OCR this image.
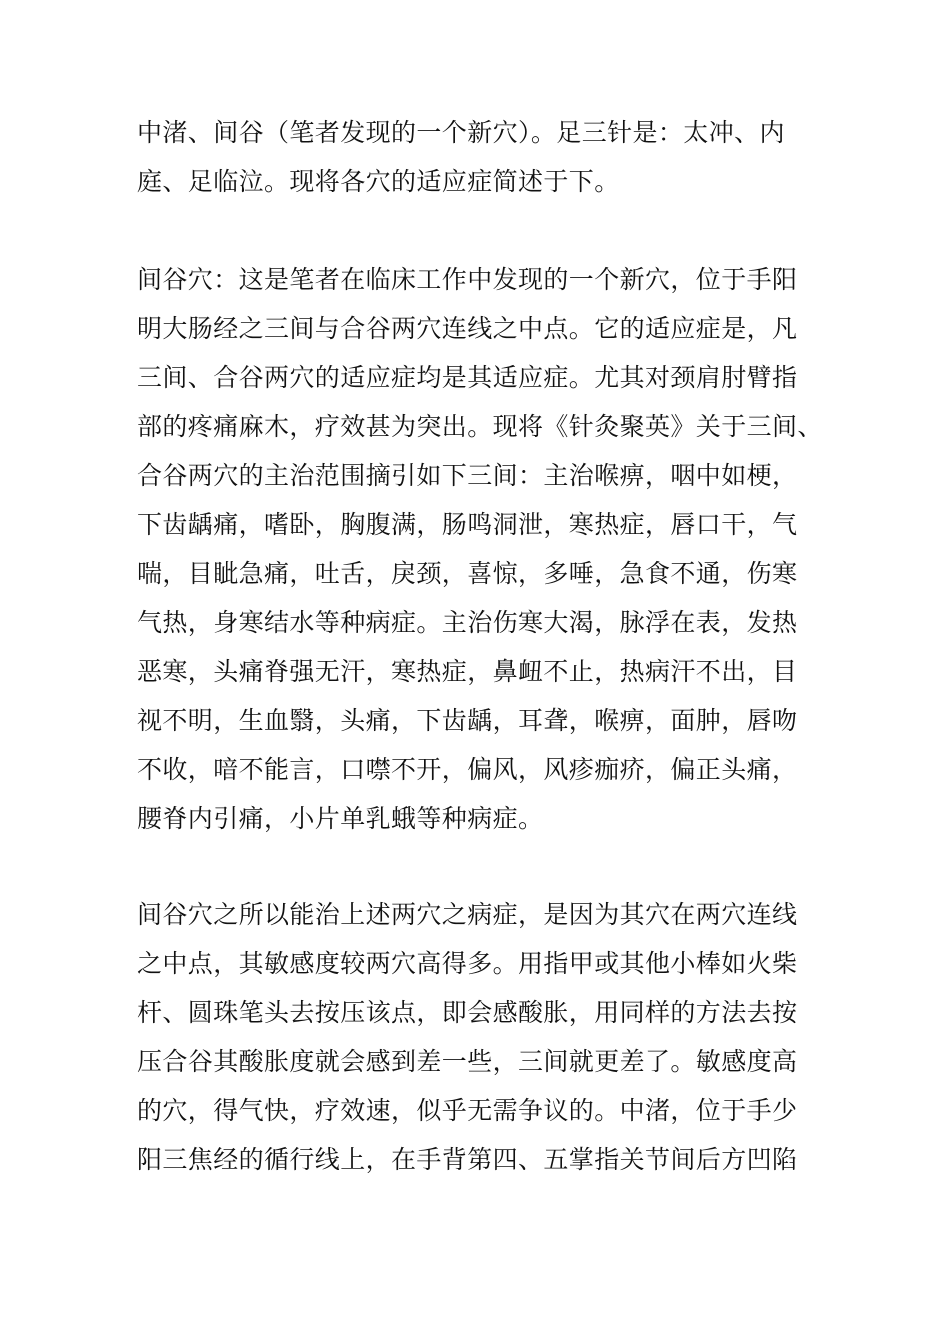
中渚、间谷（笔者发现的一个新穴）。足三针是：太冲、内
庭、足临泣。现将各穴的适应症简述于下。
间谷穴：这是笔者在临床工作中发现的一个新穴，位于手阳
明大肠经之三间与合谷两穴连线之中点。它的适应症是，凡
三间、合谷两穴的适应症均是其适应症。尤其对颈肩肘臂指
部的疼痛麻木，疗效甚为突出。现将《针灸聚英》关于三间、
合谷两穴的主治范围摘引如下三间：主治喉痹，咽中如梗，
下齿龋痛，嗜卧，胸腹满，肠鸣洞泄，寒热症，唇口干，气
喘，目眦急痛，吐舌，戾颈，喜惊，多唾，急食不通，伤寒
气热，身寒结水等种病症。主治伤寒大渴，脉浮在表，发热
恶寒，头痛脊强无汗，寒热症，鼻衄不止，热病汗不出，目
视不明，生血翳，头痛，下齿龋，耳聋，喉痹，面肿，唇吻
不收，喑不能言，口噤不开，偏风，风疹痂疥，偏正头痛，
腰脊内引痛，小片单乳蛾等种病症。
间谷穴之所以能治上述两穴之病症，是因为其穴在两穴连线
之中点，其敏感度较两穴高得多。用指甲或其他小棒如火柴
杆、圆珠笔头去按压该点，即会感酸胀，用同样的方法去按
压合谷其酸胀度就会感到差一些，三间就更差了。敏感度高
的穴，得气快，疗效速，似乎无需争议的。中渚，位于手少
阳三焦经的循行线上，在手背第四、五掌指关节间后方凹陷
